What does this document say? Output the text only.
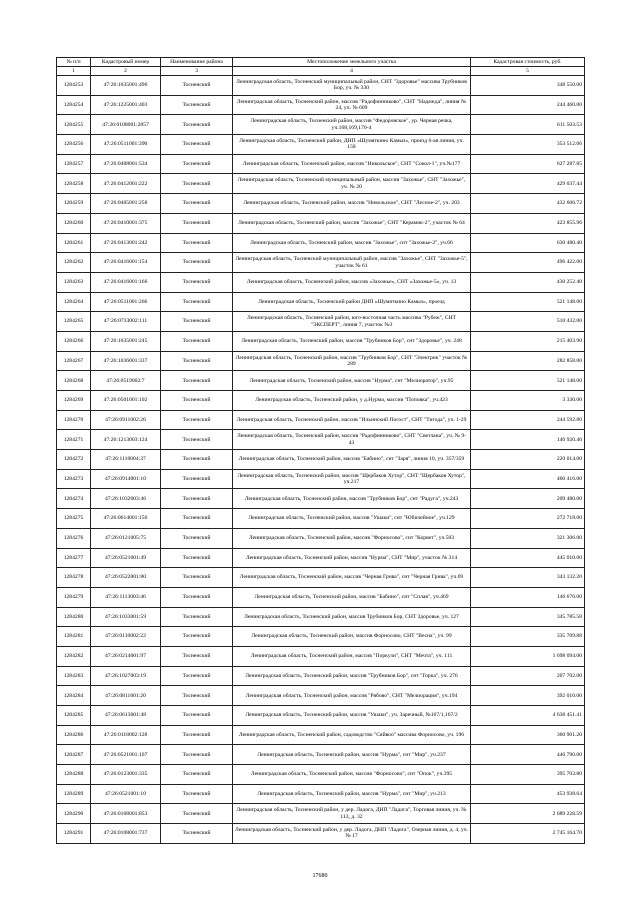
№ п/п	Кадастровый номер	Наименование района	Местоположение земельного участка	Кадастровая стоимость, руб.
1	2	3	4	5
1284253	47:26:1035001:496	Тосненский	Ленинградская область, Тосненский муниципальный район, СНТ "Здоровье" массива Трубников Бор, уч. № 330	348 550.00
1284254	47:26:1225001:403	Тосненский	Ленинградская область, Тосненский район, массив "Радофинниково", СНТ "Надежда", линия № 24, уч. № 609	244 460.00
1284255	47:26:0108001:2857	Тосненский	Ленинградская область, Тосненский район, массив "Федоровское", ур. Черная речка, уч.168,169,170-4	611 503.53
1284256	47:26:0511001:390	Тосненский	Ленинградская область, Тосненский район, ДНП «Шумяткино Камыз», проезд 6-ая линия, уч. 158	353 512.06
1284257	47:26:0408001:534	Тосненский	Ленинградская область, Тосненский район, массив "Никольское", СНТ "Сокол-1", уч.№177	627 287.85
1284258	47:26:0412001:222	Тосненский	Ленинградская область, Тосненский муниципальный район, массив "Захожье", СНТ "Захожье", уч. № 20	429 037.44
1284259	47:26:0405001:258	Тосненский	Ленинградская область, Тосненский район, массив "Никольское", СНТ "Лесное-2", уч. 203	432 606.72
1284260	47:26:0410001:375	Тосненский	Ленинградская область, Тосненский район, массив "Захожье", СНТ "Керамик-2", участок № 64	423 855.96
1284261	47:26:0413001:242	Тосненский	Ленинградская область, Тосненский район, массив "Захожье", снт "Захожье-2", уч.66	630 480.40
1284262	47:26:0416001:154	Тосненский	Ленинградская область, Тосненский муниципальный район, массив "Захожье", СНТ "Захожье-5", участок № 61	496 422.00
1284263	47:26:0416001:166	Тосненский	Ленинградская область, Тосненский район, массив «Захожье», СНТ «Захожье-5», уч. 13	430 252.40
1284264	47:26:0511001:266	Тосненский	Ленинградская область, Тосненский район ДНП «Шумяткино Камыз», проезд	521 148.00
1284265	47:26:0733002:111	Тосненский	Ленинградская область, Тосненский район, юго-восточная часть массива "Рубеж", СНТ "ЭКСПЕРТ", линия 7, участок №3	510 432.00
1284266	47:26:1035001:245	Тосненский	Ленинградская область, Тосненский район, массив "Трубников Бор", снт "Здоровье", уч. 248	215 403.90
1284267	47:26:1036001:337	Тосненский	Ленинградская область, Тосненский район, массив "Трубников Бор", СНТ "Электрик" участок № 289	282 858.00
1284268	47:26:0519002:7	Тосненский	Ленинградская область, Тосненский район, массив "Нурма", снт "Мелиоратор", уч.95	521 148.00
1284269	47:26:0501001:102	Тосненский	Ленинградская область, Тосненский район, у д.Нурма, массив "Поповка", уч.423	3 330.00
1284270	47:26:0911002:26	Тосненский	Ленинградская область, Тосненский район, массив "Ильинский Погост", СНТ "Тигода", уч. 1-29	244 592.80
1284271	47:26:1213003:124	Тосненский	Ленинградская область, Тосненский район, массив "Радофинниково", СНТ "Светлана", уч. № 9-43	146 920.46
1284272	47:26:1110004:37	Тосненский	Ленинградская область, Тосненский район, массив "Бабино", снт "Заря", линия 10, уч. 357/359	220 014.00
1284273	47:26:0914001:10	Тосненский	Ленинградская область, Тосненский район, массив "Щербаков Хутор", СНТ "Щербаков Хутор", уч.217	460 416.00
1284274	47:26:1032003:46	Тосненский	Ленинградская область, Тосненский район, массив "Трубников Бор", снт "Радуга", уч.243	209 480.00
1284275	47:26:0614001:150	Тосненский	Ленинградская область, Тосненский район, массив "Ушаки", снт "Юбилейное", уч.129	272 718.00
1284276	47:26:0121005:75	Тосненский	Ленинградская область, Тосненский район, массив "Форносово", снт "Корвет", уч.503	321 306.00
1284277	47:26:0521001:49	Тосненский	Ленинградская область, Тосненский район, массив "Нурма", СНТ "Мир", участок № 314	445 010.00
1284278	47:26:0522001:80	Тосненский	Ленинградская область, Тосненский район, массив "Черная Грива", снт "Черная Грива", уч.69	343 132.20
1284279	47:26:1113003:46	Тосненский	Ленинградская область, Тосненский район, массив "Бабино", снт "Сплав", уч.469	146 676.00
1284280	47:26:1033001:59	Тосненский	Ленинградская область, Тосненский район, массив Трубников Бор, СНТ Здоровье, уч. 127	345 785.58
1284281	47:26:0110002:22	Тосненский	Ленинградская область, Тосненский район, массив Форносово, СНТ "Весна", уч. 99	335 709.88
1284282	47:26:0214001:97	Тосненский	Ленинградская область, Тосненский район, массив "Поркузи", СНТ "Мечта", уч. 111	1 698 094.00
1284283	47:26:1027003:19	Тосненский	Ленинградская область, Тосненский район, массив "Трубников Бор", снт "Горка", уч. 276	207 702.00
1284284	47:26:0811001:20	Тосненский	Ленинградская область, Тосненский район, массив "Рябово", СНТ "Мелиорация", уч.194	392 010.00
1284285	47:26:0613001:48	Тосненский	Ленинградская область, Тосненский район, массив "Ушаки", уч. Заречный, №167/1,167/2	4 638 451.41
1284286	47:26:0118002:128	Тосненский	Ленинградская область, Тосненский район, садоводство "Сяйвоо" массива Форносово, уч. 196	360 901.20
1284287	47:26:0521001:107	Тосненский	Ленинградская область, Тосненский район, массив "Нурма", снт "Мир", уч.237	446 790.00
1284288	47:26:0123001:335	Тосненский	Ленинградская область, Тосненский район, массив "Форносово", снт "Опок", уч.395	395 703.80
1284289	47:26:0521001:10	Тосненский	Ленинградская область, Тосненский район, массив "Нурма", снт "Мир", уч.213	453 938.64
1284290	47:26:0108001:853	Тосненский	Ленинградская область, Тосненский район, у дер. Ладога, ДНП "Ладога", Торговая линия, уч. № 113, д. 32	2 689 228.59
1284291	47:26:0108001:737	Тосненский	Ленинградская область, Тосненский район, у дер. Ладога, ДНП "Ладога", Озерная линия, д. 4, уч. № 17	2 745 164.70
17680
